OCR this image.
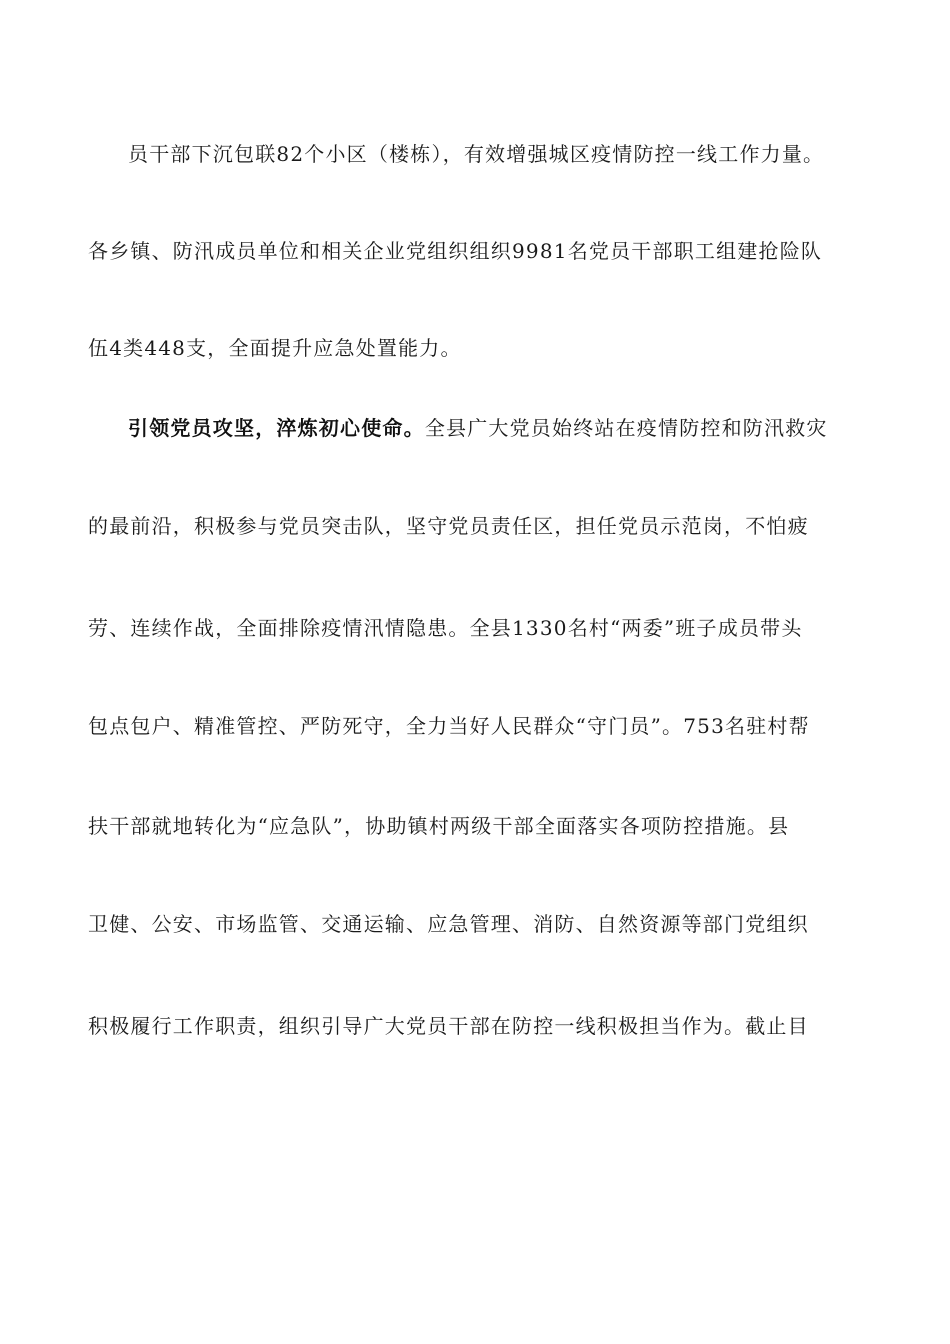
员干部下沉包联82个小区（楼栋），有效增强城区疫情防控一线工作力量。
各乡镇、防汛成员单位和相关企业党组织组织9981名党员干部职工组建抢险队
伍4类448支，全面提升应急处置能力。
引领党员攻坚，淬炼初心使命。全县广大党员始终站在疫情防控和防汛救灾
的最前沿，积极参与党员突击队，坚守党员责任区，担任党员示范岗，不怕疲
劳、连续作战，全面排除疫情汛情隐患。全县1330名村“两委”班子成员带头
包点包户、精准管控、严防死守，全力当好人民群众“守门员”。753名驻村帮
扶干部就地转化为“应急队”，协助镇村两级干部全面落实各项防控措施。县
卫健、公安、市场监管、交通运输、应急管理、消防、自然资源等部门党组织
积极履行工作职责，组织引导广大党员干部在防控一线积极担当作为。截止目
